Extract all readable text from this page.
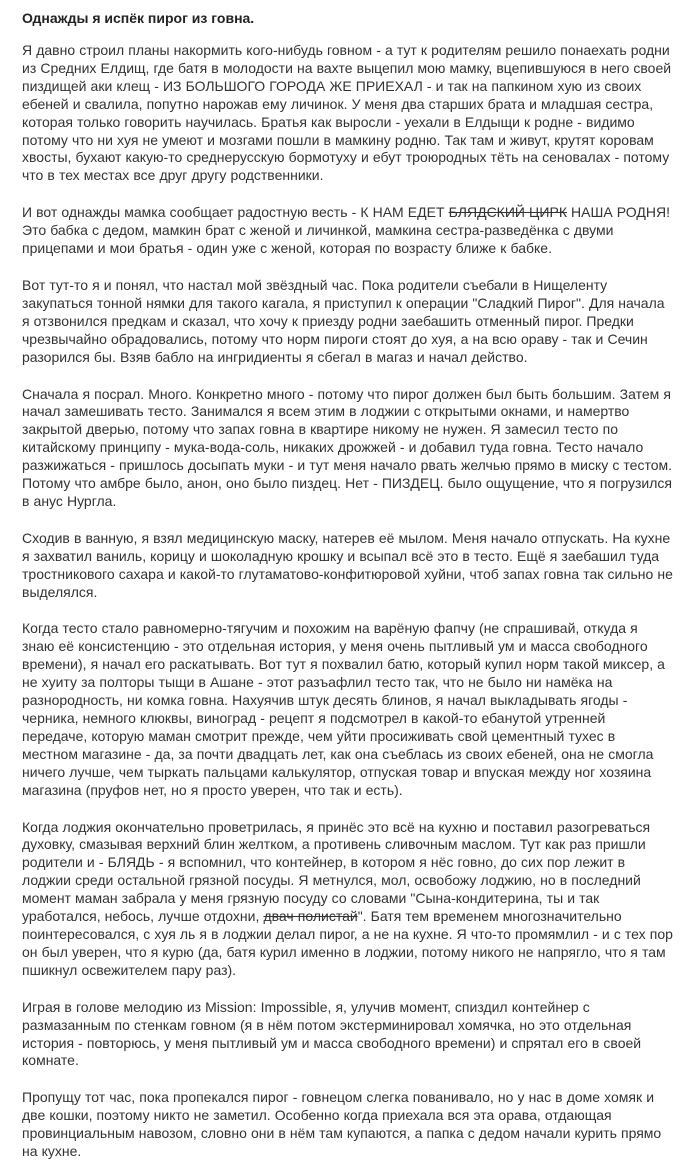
Однажды я испёк пирог из говна.

Я давно строил планы накормить кого-нибудь говном - а тут к родителям решило понаехать родни из Средних Елдищ, где батя в молодости на вахте выцепил мою мамку, вцепившуюся в него своей пиздищей аки клещ - ИЗ БОЛЬШОГО ГОРОДА ЖЕ ПРИЕХАЛ - и так на папкином хую из своих ебеней и свалила, попутно нарожав ему личинок. У меня два старших брата и младшая сестра, которая только говорить научилась. Братья как выросли - уехали в Елдыщи к родне - видимо потому что ни хуя не умеют и мозгами пошли в мамкину родню. Так там и живут, крутят коровам хвосты, бухают какую-то среднерусскую бормотуху и ебут троюродных тёть на сеновалах - потому что в тех местах все друг другу родственники.

И вот однажды мамка сообщает радостную весть - К НАМ ЕДЕТ БЛЯДСКИЙ ЦИРК НАША РОДНЯ! Это бабка с дедом, мамкин брат с женой и личинкой, мамкина сестра-разведёнка с двуми прицепами и мои братья - один уже с женой, которая по возрасту ближе к бабке.

Вот тут-то я и понял, что настал мой звёздный час. Пока родители съебали в Нищеленту закупаться тонной нямки для такого кагала, я приступил к операции "Сладкий Пирог". Для начала я отзвонился предкам и сказал, что хочу к приезду родни заебашить отменный пирог. Предки чрезвычайно обрадовались, потому что норм пироги стоят до хуя, а на всю ораву - так и Сечин разорился бы. Взяв бабло на ингридиенты я сбегал в магаз и начал действо.

Сначала я посрал. Много. Конкретно много - потому что пирог должен был быть большим. Затем я начал замешивать тесто. Занимался я всем этим в лоджии с открытыми окнами, и намертво закрытой дверью, потому что запах говна в квартире никому не нужен. Я замесил тесто по китайскому принципу - мука-вода-соль, никаких дрожжей - и добавил туда говна. Тесто начало разжижаться - пришлось досыпать муки - и тут меня начало рвать желчью прямо в миску с тестом. Потому что амбре было, анон, оно было пиздец. Нет - ПИЗДЕЦ. было ощущение, что я погрузился в анус Нургла.

Сходив в ванную, я взял медицинскую маску, натерев её мылом. Меня начало отпускать. На кухне я захватил ваниль, корицу и шоколадную крошку и всыпал всё это в тесто. Ещё я заебашил туда тростникового сахара и какой-то глутаматово-конфитюровой хуйни, чтоб запах говна так сильно не выделялся.

Когда тесто стало равномерно-тягучим и похожим на варёную фапчу (не спрашивай, откуда я знаю её консистенцию - это отдельная история, у меня очень пытливый ум и масса свободного времени), я начал его раскатывать. Вот тут я похвалил батю, который купил норм такой миксер, а не хуиту за полторы тыщи в Ашане - этот разъафлил тесто так, что не было ни намёка на разнородность, ни комка говна. Нахуячив штук десять блинов, я начал выкладывать ягоды - черника, немного клюквы, виноград - рецепт я подсмотрел в какой-то ебанутой утренней передаче, которую маман смотрит прежде, чем уйти просиживать свой цементный тухес в местном магазине - да, за почти двадцать лет, как она съеблась из своих ебеней, она не смогла ничего лучше, чем тыркать пальцами калькулятор, отпуская товар и впуская между ног хозяина магазина (пруфов нет, но я просто уверен, что так и есть).

Когда лоджия окончательно проветрилась, я принёс это всё на кухню и поставил разогреваться духовку, смазывая верхний блин желтком, а противень сливочным маслом. Тут как раз пришли родители и - БЛЯДЬ - я вспомнил, что контейнер, в котором я нёс говно, до сих пор лежит в лоджии среди остальной грязной посуды. Я метнулся, мол, освобожу лоджию, но в последний момент маман забрала у меня грязную посуду со словами "Сына-кондитерина, ты и так уработался, небось, лучше отдохни, двач полистай". Батя тем временем многозначительно поинтересовался, с хуя ль я в лоджии делал пирог, а не на кухне. Я что-то промямлил - и с тех пор он был уверен, что я курю (да, батя курил именно в лоджии, потому никого не напрягло, что я там пшикнул освежителем пару раз).

Играя в голове мелодию из Mission: Impossible, я, улучив момент, спиздил контейнер с размазанным по стенкам говном (я в нём потом экстерминировал хомячка, но это отдельная история - повторюсь, у меня пытливый ум и масса свободного времени) и спрятал его в своей комнате.

Пропущу тот час, пока пропекался пирог - говнецом слегка пованивало, но у нас в доме хомяк и две кошки, поэтому никто не заметил. Особенно когда приехала вся эта орава, отдающая провинциальным навозом, словно они в нём там купаются, а папка с дедом начали курить прямо на кухне.
